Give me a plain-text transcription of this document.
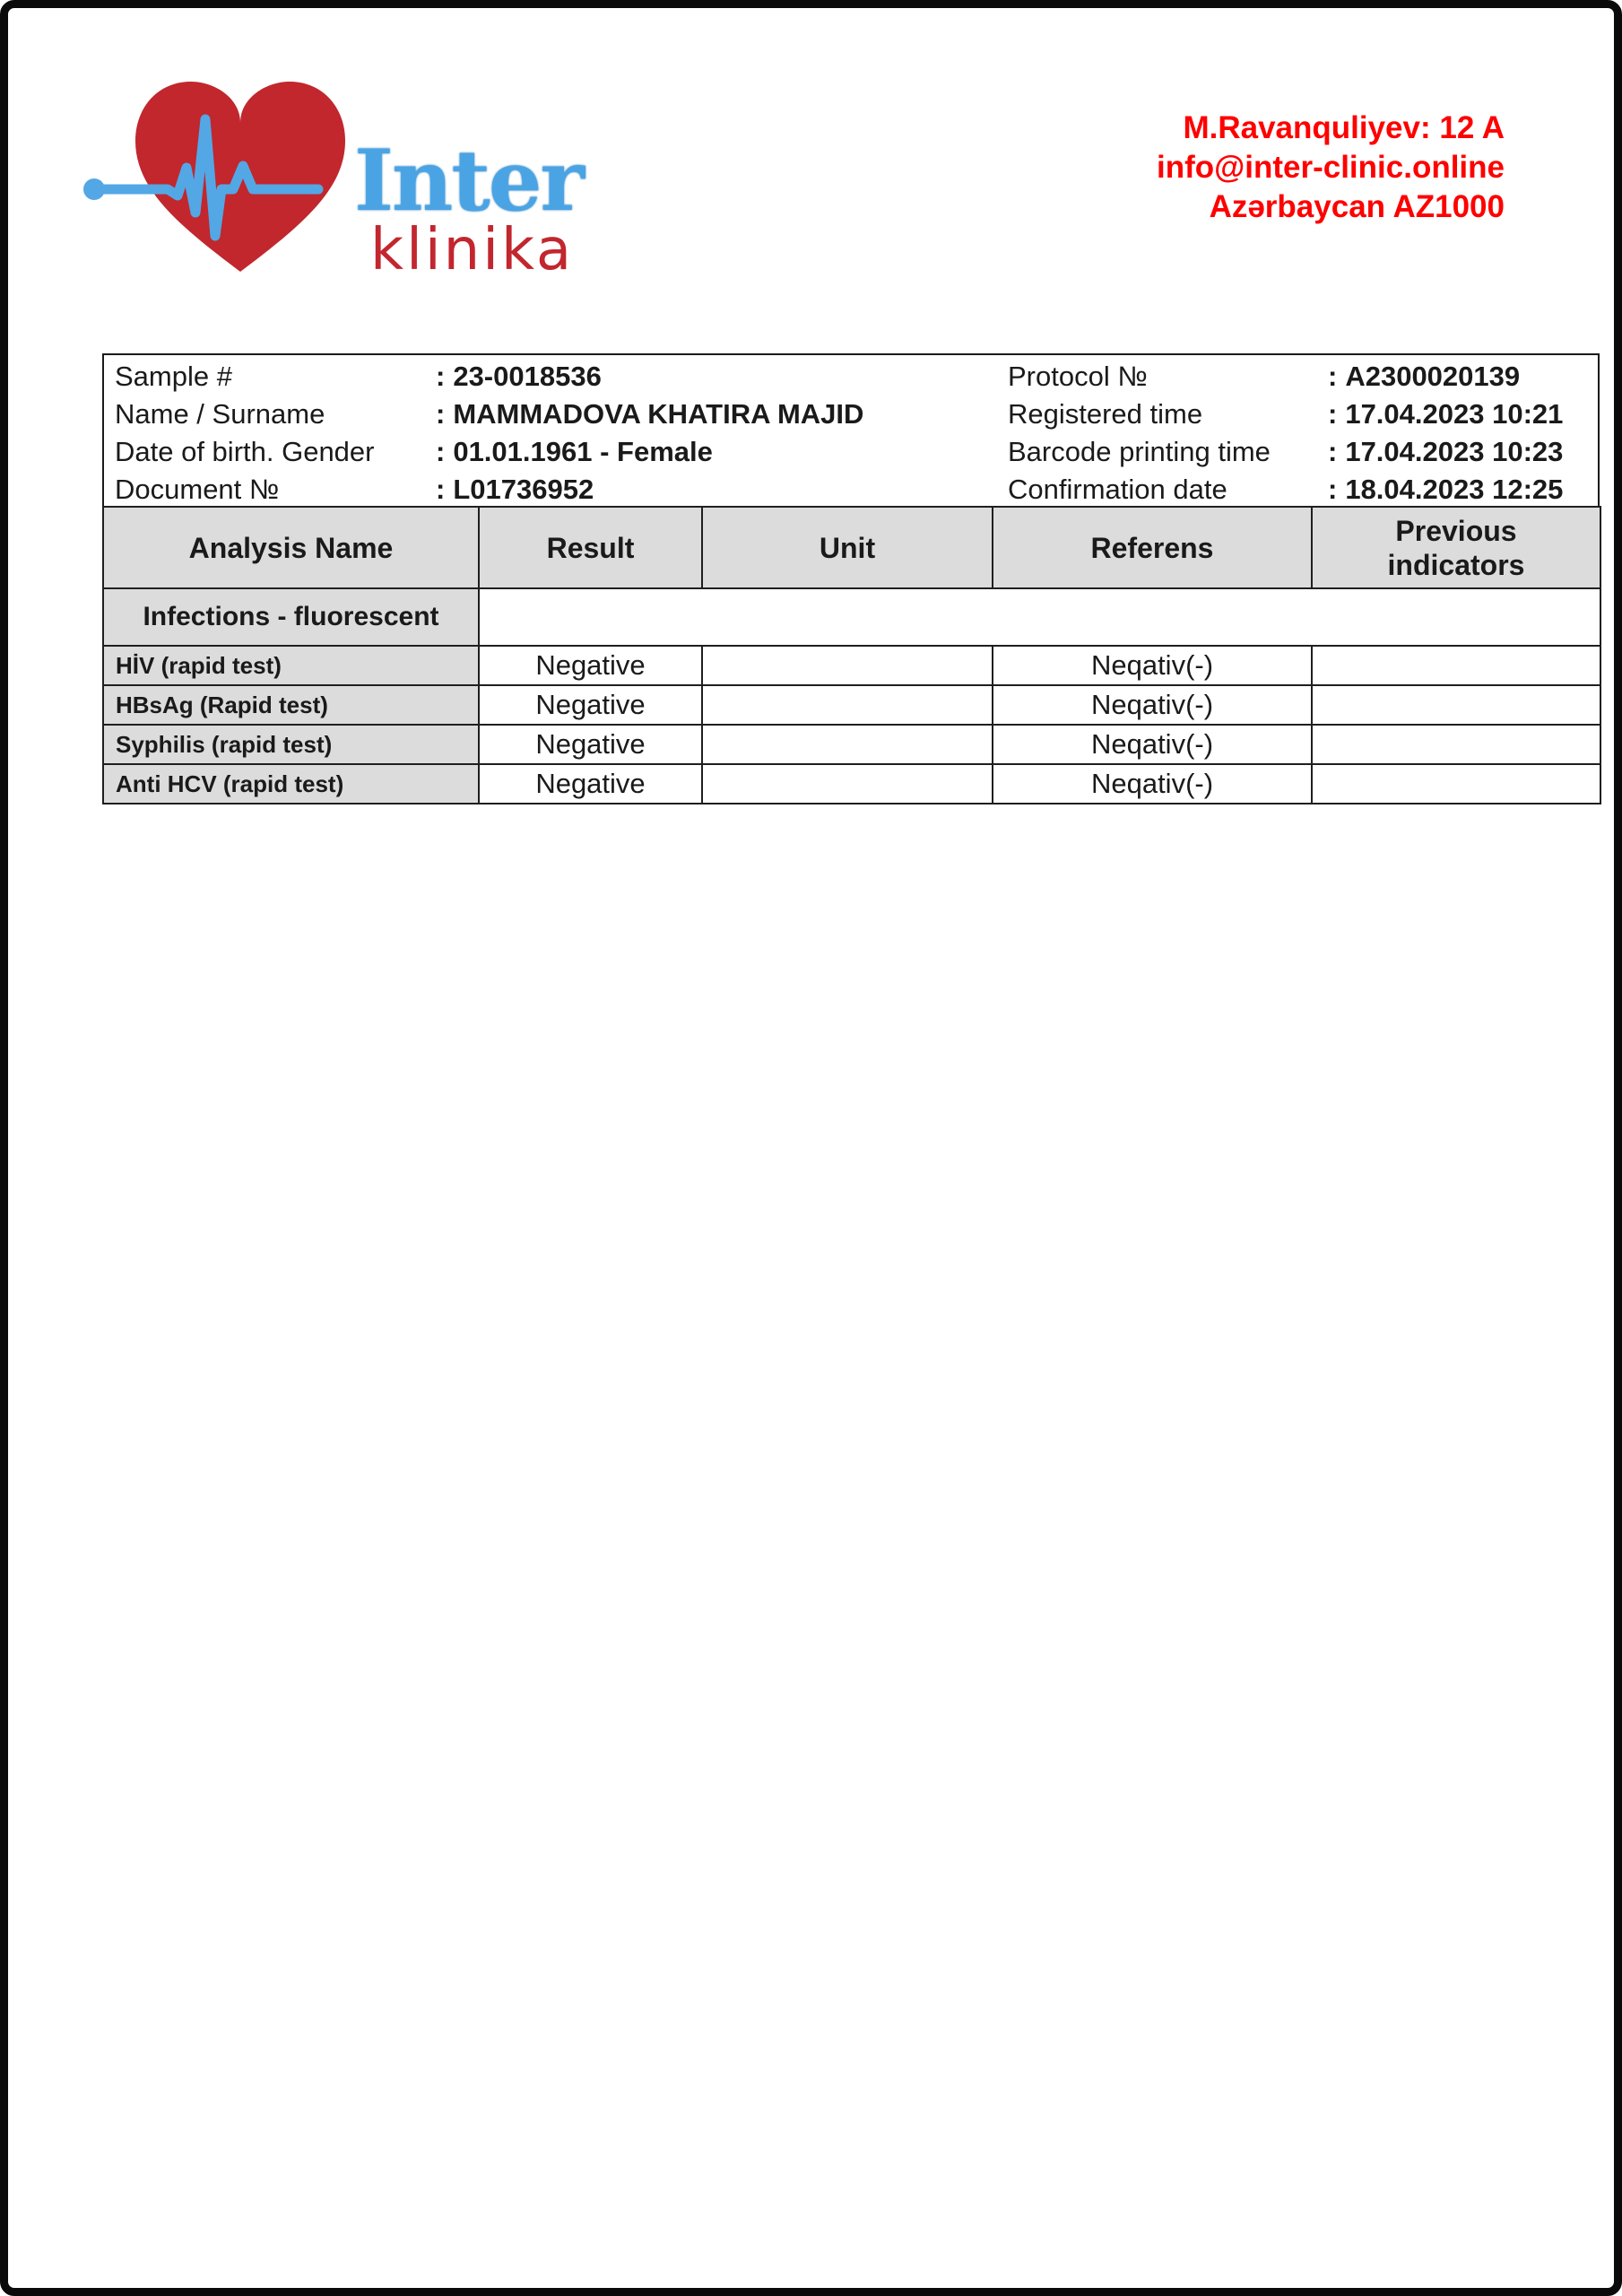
Inter
klinika
M.Ravanquliyev: 12 A
info@inter-clinic.online
Azərbaycan AZ1000
Sample #	: 23-0018536
Name / Surname	: MAMMADOVA KHATIRA MAJID
Date of birth. Gender : 01.01.1961 - Female
Document №	: L01736952
Protocol №	: A2300020139
Registered time	: 17.04.2023 10:21
Barcode printing time : 17.04.2023 10:23
Confirmation date	: 18.04.2023 12:25
Analysis Name	Result	Unit	Referens	Previous indicators

Infections - fluorescent				
HİV (rapid test)	Negative		Neqativ(-)	
HBsAg (Rapid test)	Negative		Neqativ(-)	
Syphilis (rapid test)	Negative		Neqativ(-)	
Anti HCV (rapid test)	Negative		Neqativ(-)	
